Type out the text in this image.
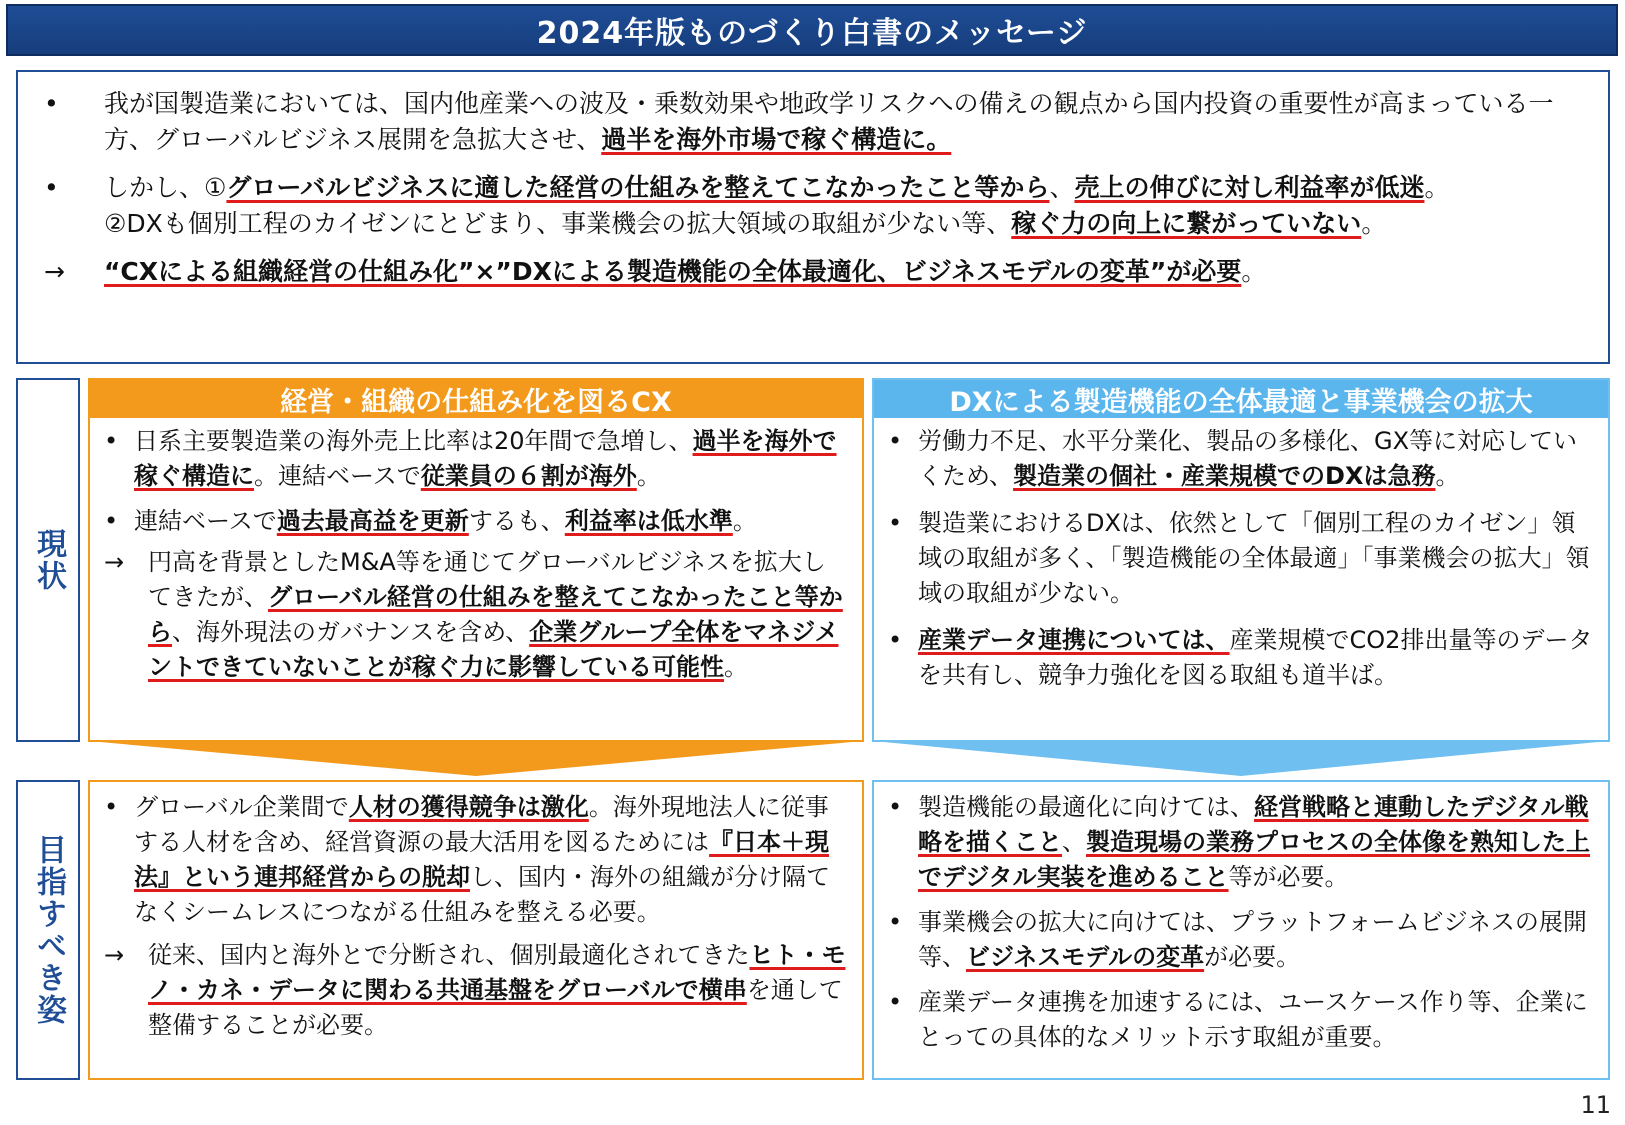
2024年版ものづくり白書のメッセージ
•	我が国製造業においては、国内他産業への波及・乗数効果や地政学リスクへの備えの観点から国内投資の重要性が高まっている一方、グローバルビジネス展開を急拡大させ、過半を海外市場で稼ぐ構造に。
•	しかし、①グローバルビジネスに適した経営の仕組みを整えてこなかったこと等から、売上の伸びに対し利益率が低迷。
②DXも個別工程のカイゼンにとどまり、事業機会の拡大領域の取組が少ない等、稼ぐ力の向上に繋がっていない。
→	“CXによる組織経営の仕組み化”×”DXによる製造機能の全体最適化、ビジネスモデルの変革”が必要。
現状
目指すべき姿
経営・組織の仕組み化を図るCX
• 日系主要製造業の海外売上比率は20年間で急増し、過半を海外で稼ぐ構造に。連結ベースで従業員の６割が海外。
• 連結ベースで過去最高益を更新するも、利益率は低水準。
→ 円高を背景としたM&A等を通じてグローバルビジネスを拡大してきたが、グローバル経営の仕組みを整えてこなかったこと等から、海外現法のガバナンスを含め、企業グループ全体をマネジメントできていないことが稼ぐ力に影響している可能性。
DXによる製造機能の全体最適と事業機会の拡大
• 労働力不足、水平分業化、製品の多様化、GX等に対応していくため、製造業の個社・産業規模でのDXは急務。
• 製造業におけるDXは、依然として「個別工程のカイゼン」領域の取組が多く、「製造機能の全体最適」「事業機会の拡大」領域の取組が少ない。
• 産業データ連携については、産業規模でCO2排出量等のデータを共有し、競争力強化を図る取組も道半ば。
• グローバル企業間で人材の獲得競争は激化。海外現地法人に従事する人材を含め、経営資源の最大活用を図るためには『日本＋現法』という連邦経営からの脱却し、国内・海外の組織が分け隔てなくシームレスにつながる仕組みを整える必要。
→ 従来、国内と海外とで分断され、個別最適化されてきたヒト・モノ・カネ・データに関わる共通基盤をグローバルで横串を通して整備することが必要。
• 製造機能の最適化に向けては、経営戦略と連動したデジタル戦略を描くこと、製造現場の業務プロセスの全体像を熟知した上でデジタル実装を進めること等が必要。
• 事業機会の拡大に向けては、プラットフォームビジネスの展開等、ビジネスモデルの変革が必要。
• 産業データ連携を加速するには、ユースケース作り等、企業にとっての具体的なメリット示す取組が重要。
11
